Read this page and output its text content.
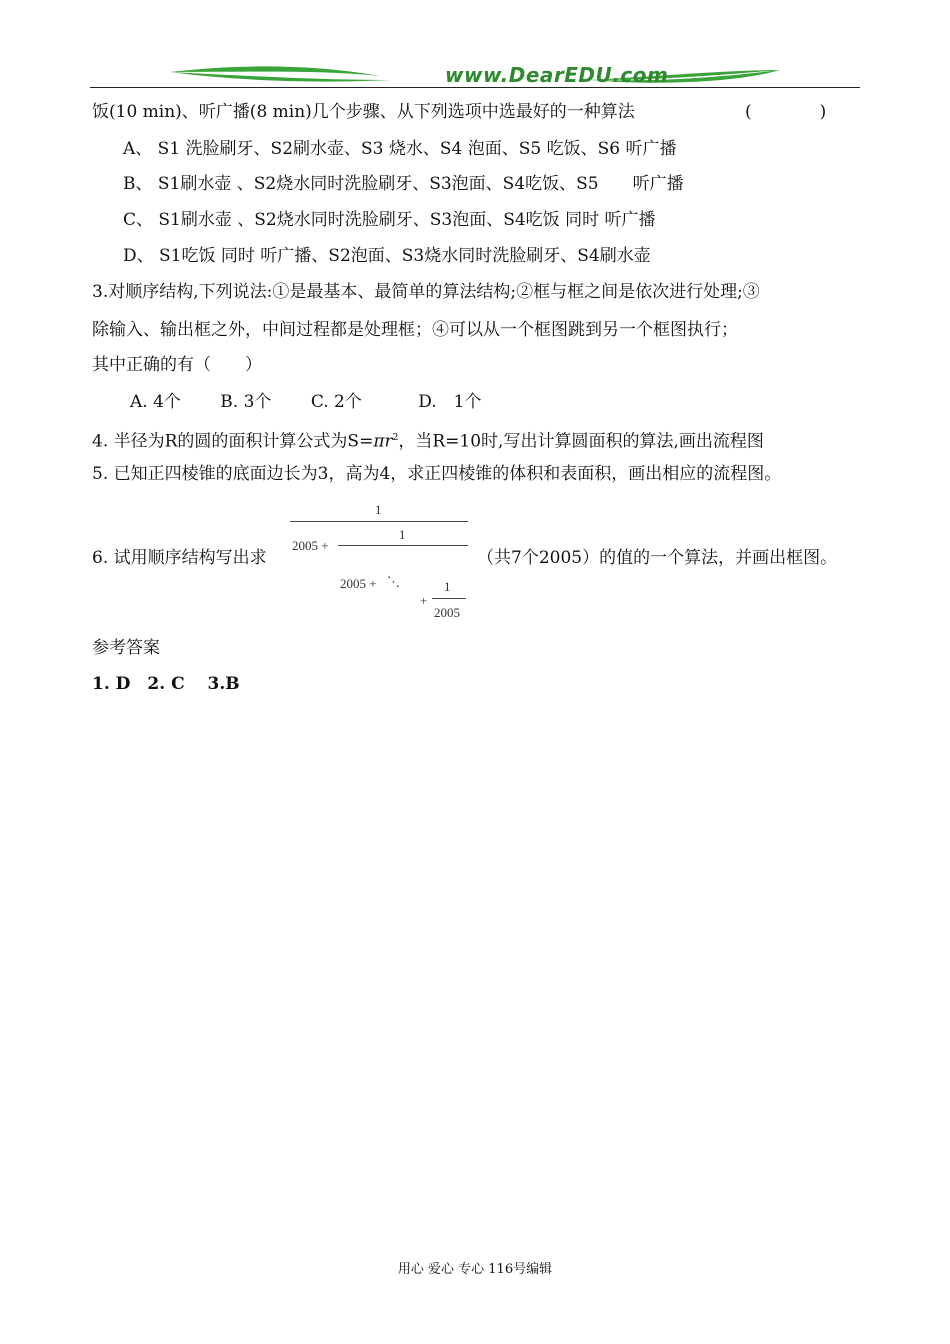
www.DearEDU.com
饭(10 min)、听广播(8 min)几个步骤、从下列选项中选最好的一种算法	(　　　　)
A、 S1 洗脸刷牙、S2刷水壶、S3 烧水、S4 泡面、S5 吃饭、S6 听广播
B、 S1刷水壶 、S2烧水同时洗脸刷牙、S3泡面、S4吃饭、S5　　听广播
C、 S1刷水壶 、S2烧水同时洗脸刷牙、S3泡面、S4吃饭 同时 听广播
D、 S1吃饭 同时 听广播、S2泡面、S3烧水同时洗脸刷牙、S4刷水壶
3.对顺序结构,下列说法:①是最基本、最简单的算法结构;②框与框之间是依次进行处理;③
除输入、输出框之外，中间过程都是处理框；④可以从一个框图跳到另一个框图执行；
其中正确的有（　　）
A. 4个　　 B. 3个　　 C. 2个　　　 D.　1个
4. 半径为R的圆的面积计算公式为$S=\pi r^2$，当R=10时,写出计算圆面积的算法,画出流程图
5. 已知正四棱锥的底面边长为3，高为4，求正四棱锥的体积和表面积，画出相应的流程图。
6. 试用顺序结构写出求
1
2005 +
1
2005 + ⋱	1
+
2005
（共7个2005）的值的一个算法，并画出框图。
参考答案
1. D　2. C　 3.B
用心 爱心 专心 116号编辑
